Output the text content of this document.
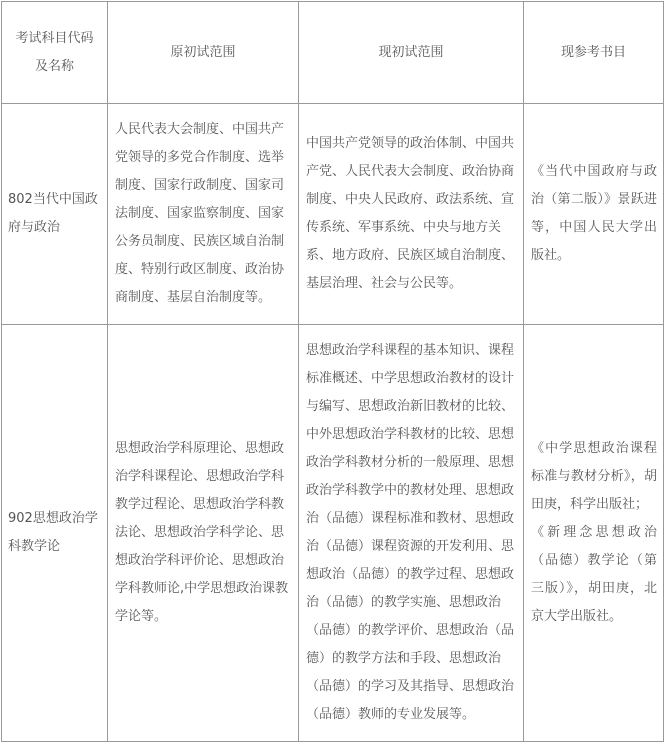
考试科目代码
及名称	原初试范围	现初试范围	现参考书目
802当代中国政府与政治	人民代表大会制度、中国共产党领导的多党合作制度、选举制度、国家行政制度、国家司法制度、国家监察制度、国家公务员制度、民族区域自治制度、特别行政区制度、政治协商制度、基层自治制度等。	中国共产党领导的政治体制、中国共产党、人民代表大会制度、政治协商制度、中央人民政府、政法系统、宣传系统、军事系统、中央与地方关系、地方政府、民族区域自治制度、基层治理、社会与公民等。	《当代中国政府与政治（第二版）》景跃进等，中国人民大学出版社。

902思想政治学科教学论	思想政治学科原理论、思想政治学科课程论、思想政治学科教学过程论、思想政治学科教法论、思想政治学科学论、思想政治学科评价论、思想政治学科教师论,中学思想政治课教学论等。	思想政治学科课程的基本知识、课程标准概述、中学思想政治教材的设计与编写、思想政治新旧教材的比较、中外思想政治学科教材的比较、思想政治学科教材分析的一般原理、思想政治学科教学中的教材处理、思想政治（品德）课程标准和教材、思想政治（品德）课程资源的开发利用、思想政治（品德）的教学过程、思想政治（品德）的教学实施、思想政治（品德）的教学评价、思想政治（品德）的教学方法和手段、思想政治（品德）的学习及其指导、思想政治（品德）教师的专业发展等。	《中学思想政治课程标准与教材分析》，胡田庚，科学出版社；
《新理念思想政治（品德）教学论（第三版）》，胡田庚，北京大学出版社。
